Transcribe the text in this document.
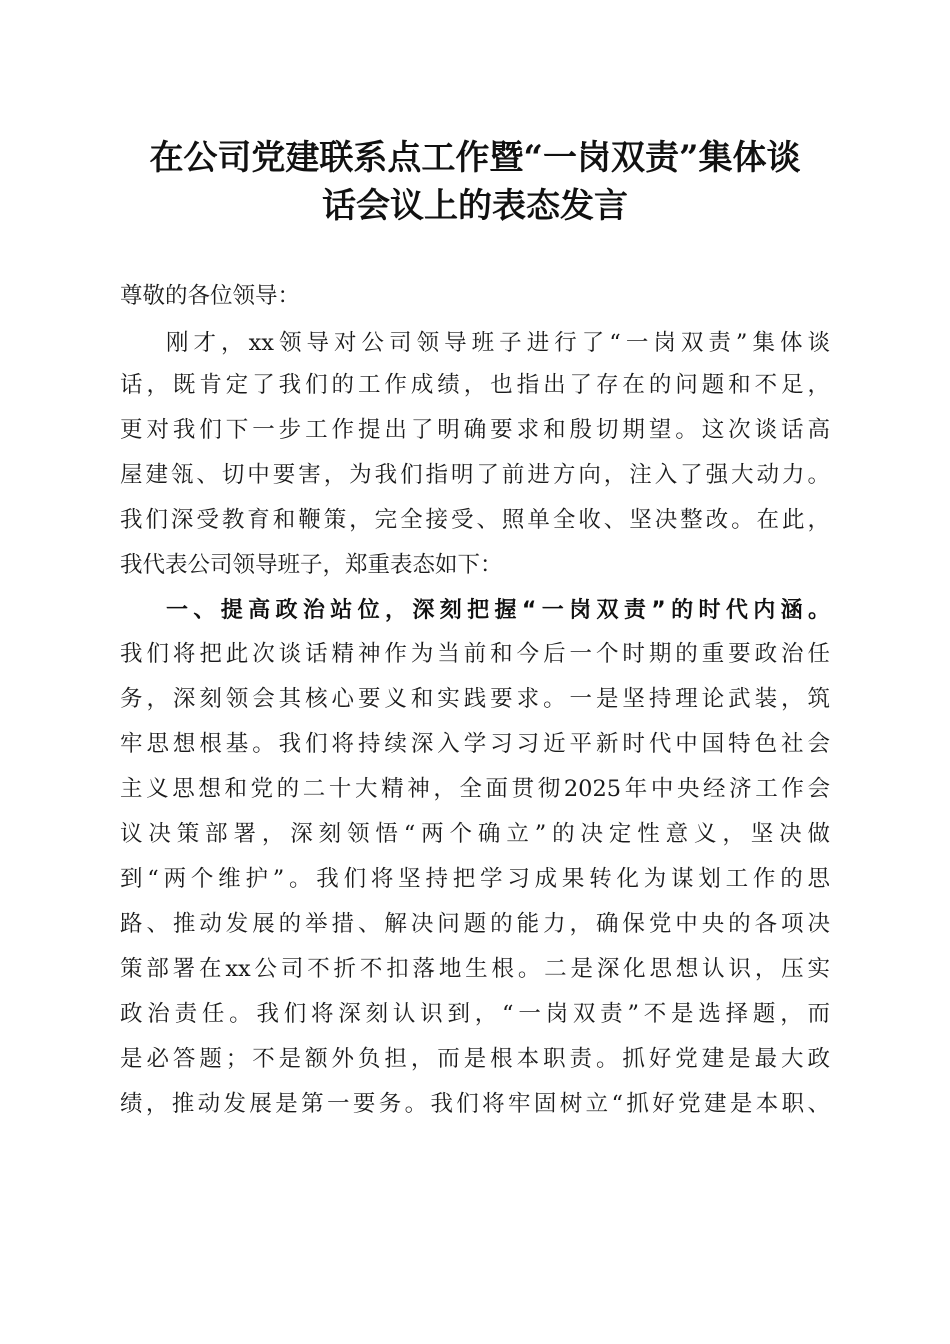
在公司党建联系点工作暨“一岗双责”集体谈
话会议上的表态发言
尊敬的各位领导：
刚才，xx领导对公司领导班子进行了“一岗双责”集体谈
话，既肯定了我们的工作成绩，也指出了存在的问题和不足，
更对我们下一步工作提出了明确要求和殷切期望。这次谈话高
屋建瓴、切中要害，为我们指明了前进方向，注入了强大动力。
我们深受教育和鞭策，完全接受、照单全收、坚决整改。在此，
我代表公司领导班子，郑重表态如下：
一、提高政治站位，深刻把握“一岗双责”的时代内涵。
我们将把此次谈话精神作为当前和今后一个时期的重要政治任
务，深刻领会其核心要义和实践要求。一是坚持理论武装，筑
牢思想根基。我们将持续深入学习习近平新时代中国特色社会
主义思想和党的二十大精神，全面贯彻2025年中央经济工作会
议决策部署，深刻领悟“两个确立”的决定性意义，坚决做
到“两个维护”。我们将坚持把学习成果转化为谋划工作的思
路、推动发展的举措、解决问题的能力，确保党中央的各项决
策部署在xx公司不折不扣落地生根。二是深化思想认识，压实
政治责任。我们将深刻认识到，“一岗双责”不是选择题，而
是必答题；不是额外负担，而是根本职责。抓好党建是最大政
绩，推动发展是第一要务。我们将牢固树立“抓好党建是本职、
